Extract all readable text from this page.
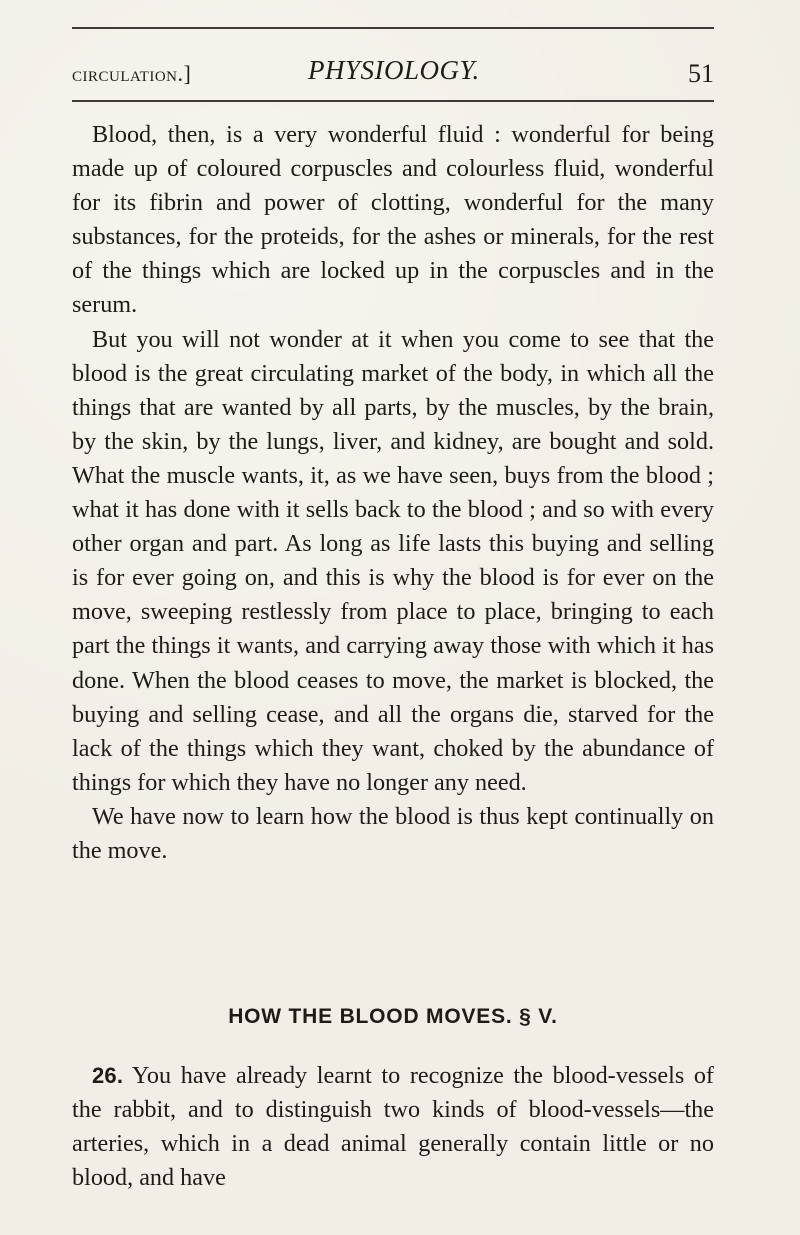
circulation.]	PHYSIOLOGY.	51

Blood, then, is a very wonderful fluid : wonderful for being made up of coloured corpuscles and colourless fluid, wonderful for its fibrin and power of clotting, wonderful for the many substances, for the proteids, for the ashes or minerals, for the rest of the things which are locked up in the corpuscles and in the serum.

But you will not wonder at it when you come to see that the blood is the great circulating market of the body, in which all the things that are wanted by all parts, by the muscles, by the brain, by the skin, by the lungs, liver, and kidney, are bought and sold. What the muscle wants, it, as we have seen, buys from the blood ; what it has done with it sells back to the blood ; and so with every other organ and part. As long as life lasts this buying and selling is for ever going on, and this is why the blood is for ever on the move, sweeping restlessly from place to place, bringing to each part the things it wants, and carrying away those with which it has done. When the blood ceases to move, the market is blocked, the buying and selling cease, and all the organs die, starved for the lack of the things which they want, choked by the abundance of things for which they have no longer any need.

We have now to learn how the blood is thus kept continually on the move.

HOW THE BLOOD MOVES. § V.

26. You have already learnt to recognize the blood-vessels of the rabbit, and to distinguish two kinds of blood-vessels—the arteries, which in a dead animal generally contain little or no blood, and have
